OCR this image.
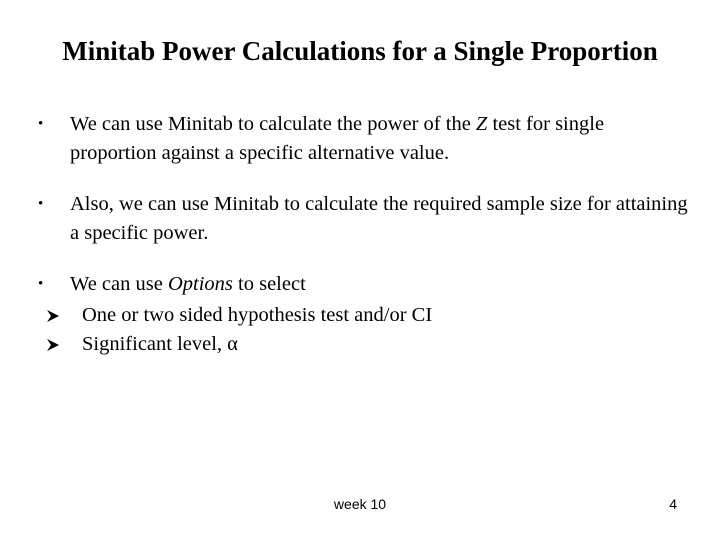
Minitab Power Calculations for a Single Proportion
•	We can use Minitab to calculate the power of the Z test for single proportion against a specific alternative value.
•	Also, we can use Minitab to calculate the required sample size for attaining a specific power.
•	We can use Options to select
One or two sided hypothesis test and/or CI
Significant level, α
week 10	4
